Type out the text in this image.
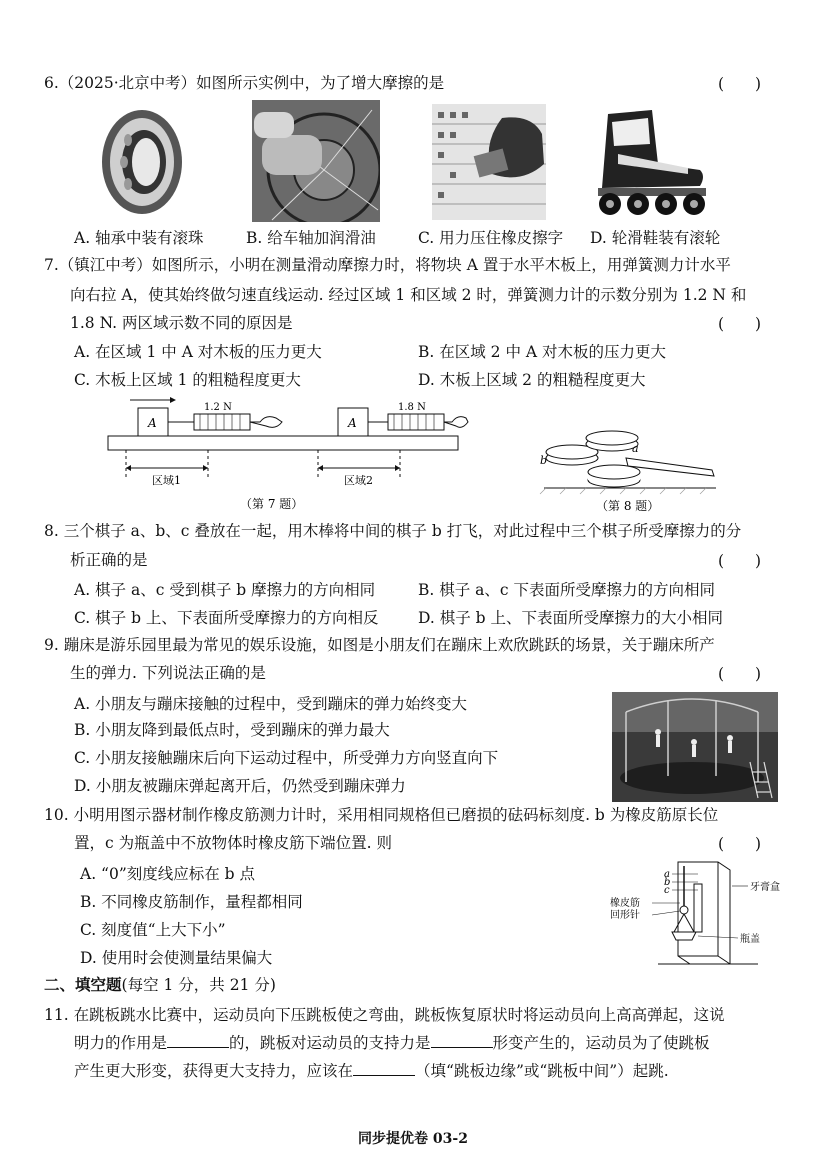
6.（2025·北京中考）如图所示实例中，为了增大摩擦的是	(　　)
A. 轴承中装有滚珠	B. 给车轴加润滑油	C. 用力压住橡皮擦字 D. 轮滑鞋装有滚轮
7.（镇江中考）如图所示，小明在测量滑动摩擦力时，将物块 A 置于水平木板上，用弹簧测力计水平
向右拉 A，使其始终做匀速直线运动. 经过区域 1 和区域 2 时，弹簧测力计的示数分别为 1.2 N 和
1.8 N. 两区域示数不同的原因是	(　　)
A. 在区域 1 中 A 对木板的压力更大	B. 在区域 2 中 A 对木板的压力更大
C. 木板上区域 1 的粗糙程度更大	D. 木板上区域 2 的粗糙程度更大
A
1.2 N
A
1.8 N
区域1	区域2
（第 7 题）
a
b
（第 8 题）
8. 三个棋子 a、b、c 叠放在一起，用木棒将中间的棋子 b 打飞，对此过程中三个棋子所受摩擦力的分
析正确的是	(　　)
A. 棋子 a、c 受到棋子 b 摩擦力的方向相同	B. 棋子 a、c 下表面所受摩擦力的方向相同
C. 棋子 b 上、下表面所受摩擦力的方向相反	D. 棋子 b 上、下表面所受摩擦力的大小相同
9. 蹦床是游乐园里最为常见的娱乐设施，如图是小朋友们在蹦床上欢欣跳跃的场景，关于蹦床所产
生的弹力. 下列说法正确的是	(　　)
A. 小朋友与蹦床接触的过程中，受到蹦床的弹力始终变大
B. 小朋友降到最低点时，受到蹦床的弹力最大
C. 小朋友接触蹦床后向下运动过程中，所受弹力方向竖直向下
D. 小朋友被蹦床弹起离开后，仍然受到蹦床弹力
10. 小明用图示器材制作橡皮筋测力计时，采用相同规格但已磨损的砝码标刻度. b 为橡皮筋原长位
置，c 为瓶盖中不放物体时橡皮筋下端位置. 则	(　　)
A. “0”刻度线应标在 b 点
B. 不同橡皮筋制作，量程都相同
C. 刻度值“上大下小”
D. 使用时会使测量结果偏大
a
b
c	牙膏盒
橡皮筋
回形针
瓶盖
二、填空题(每空 1 分，共 21 分)
11. 在跳板跳水比赛中，运动员向下压跳板使之弯曲，跳板恢复原状时将运动员向上高高弹起，这说
明力的作用是	的，跳板对运动员的支持力是	形变产生的，运动员为了使跳板
产生更大形变，获得更大支持力，应该在	（填“跳板边缘”或“跳板中间”）起跳.
同步提优卷 03-2
